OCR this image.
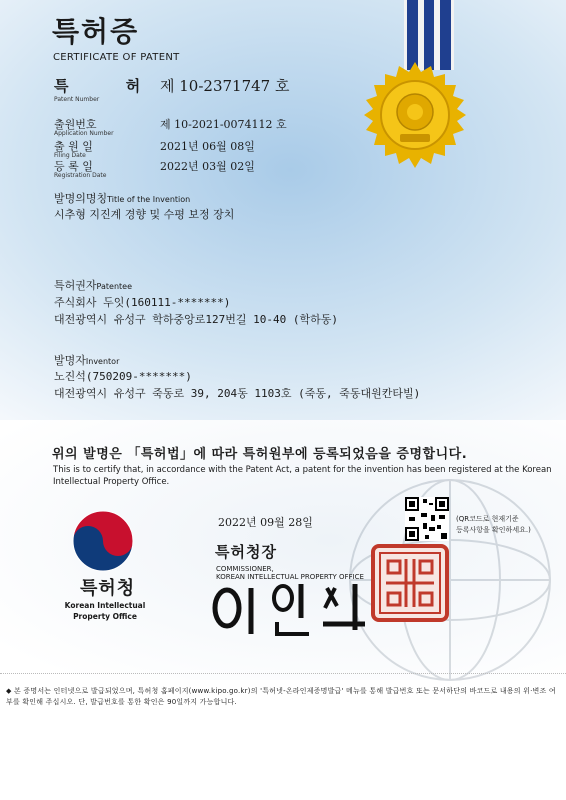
특허증
CERTIFICATE OF PATENT
특 허
Patent Number
제 10-2371747 호
출원번호
Application Number
제 10-2021-0074112 호
출 원 일
Filing Date
2021년 06월 08일
등 록 일
Registration Date
2022년 03월 02일
발명의명칭Title of the Invention
시추형 지진계 경향 및 수평 보정 장치
특허권자Patentee
주식회사 두잇(160111-*******)
대전광역시 유성구 학하중앙로127번길 10-40 (학하동)
발명자Inventor
노진석(750209-*******)
대전광역시 유성구 죽동로 39, 204동 1103호 (죽동, 죽동대원칸타빌)
위의 발명은 「특허법」에 따라 특허원부에 등록되었음을 증명합니다.
This is to certify that, in accordance with the Patent Act, a patent for the invention has been registered at the Korean Intellectual Property Office.
특허청
Korean Intellectual
Property Office
2022년 09월 28일	(QR코드로 현재기준
등록사항을 확인하세요.)
특허청장
COMMISSIONER,
KOREAN INTELLECTUAL PROPERTY OFFICE
◆ 본 증명서는 인터넷으로 발급되었으며, 특허청 홈페이지(www.kipo.go.kr)의 '특허넷-온라인제증명발급' 메뉴를 통해 발급번호 또는 문서하단의 바코드로 내용의 위·변조 여부를 확인해 주십시오. 단, 발급번호를 통한 확인은 90일까지 가능합니다.
